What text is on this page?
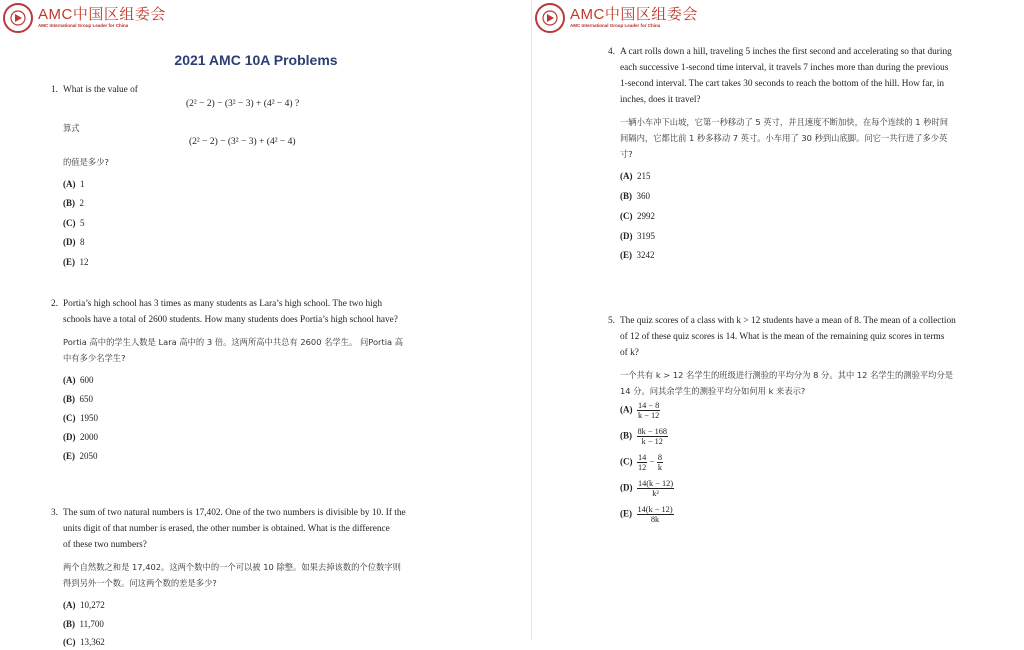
AMC中国区组委会
AMC International Group Leader for China
2021 AMC 10A Problems
1. What is the value of
(2² − 2) − (3² − 3) + (4² − 4) ?
算式
(2² − 2) − (3² − 3) + (4² − 4)
的值是多少?
(A) 1
(B) 2
(C) 5
(D) 8
(E) 12
2. Portia’s high school has 3 times as many students as Lara’s high school. The two high
schools have a total of 2600 students. How many students does Portia’s high school have?
Portia 高中的学生人数是 Lara 高中的 3 倍。这两所高中共总有 2600 名学生。 问Portia 高
中有多少名学生?
(A) 600
(B) 650
(C) 1950
(D) 2000
(E) 2050
3. The sum of two natural numbers is 17,402. One of the two numbers is divisible by 10. If the
units digit of that number is erased, the other number is obtained. What is the difference
of these two numbers?
两个自然数之和是 17,402。这两个数中的一个可以被 10 除整。如果去掉该数的个位数字则
得到另外一个数。问这两个数的差是多少?
(A) 10,272
(B) 11,700
(C) 13,362
AMC中国区组委会
AMC International Group Leader for China
4. A cart rolls down a hill, traveling 5 inches the first second and accelerating so that during
each successive 1-second time interval, it travels 7 inches more than during the previous
1-second interval. The cart takes 30 seconds to reach the bottom of the hill. How far, in
inches, does it travel?
一辆小车冲下山坡，它第一秒移动了 5 英寸，并且速度不断加快，在每个连续的 1 秒时间
间隔内，它都比前 1 秒多移动 7 英寸。小车用了 30 秒到山底脚。问它一共行进了多少英
寸?
(A) 215
(B) 360
(C) 2992
(D) 3195
(E) 3242
5. The quiz scores of a class with k > 12 students have a mean of 8. The mean of a collection
of 12 of these quiz scores is 14. What is the mean of the remaining quiz scores in terms
of k?
一个共有 k > 12 名学生的班级进行测验的平均分为 8 分。其中 12 名学生的测验平均分是
14 分。问其余学生的测验平均分如何用 k 来表示?
$(A) \frac{14 - 8}{k - 12}$
$(B) \frac{8k - 168}{k - 12}$
$(C) \frac{14}{12} - \frac{8}{k}$
$(D) \frac{14(k - 12)}{\text{k²}}$
$(E) \frac{14(k - 12)}{8k}$
